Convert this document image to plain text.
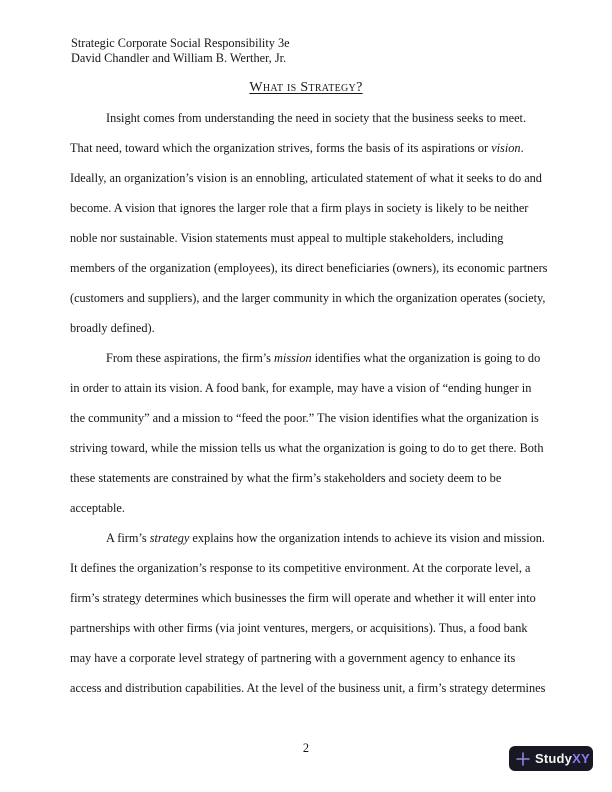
Strategic Corporate Social Responsibility 3e
David Chandler and William B. Werther, Jr.
What is Strategy?
Insight comes from understanding the need in society that the business seeks to meet.
That need, toward which the organization strives, forms the basis of its aspirations or vision.
Ideally, an organization’s vision is an ennobling, articulated statement of what it seeks to do and
become. A vision that ignores the larger role that a firm plays in society is likely to be neither
noble nor sustainable. Vision statements must appeal to multiple stakeholders, including
members of the organization (employees), its direct beneficiaries (owners), its economic partners
(customers and suppliers), and the larger community in which the organization operates (society,
broadly defined).
From these aspirations, the firm’s mission identifies what the organization is going to do
in order to attain its vision. A food bank, for example, may have a vision of “ending hunger in
the community” and a mission to “feed the poor.” The vision identifies what the organization is
striving toward, while the mission tells us what the organization is going to do to get there. Both
these statements are constrained by what the firm’s stakeholders and society deem to be
acceptable.
A firm’s strategy explains how the organization intends to achieve its vision and mission.
It defines the organization’s response to its competitive environment. At the corporate level, a
firm’s strategy determines which businesses the firm will operate and whether it will enter into
partnerships with other firms (via joint ventures, mergers, or acquisitions). Thus, a food bank
may have a corporate level strategy of partnering with a government agency to enhance its
access and distribution capabilities. At the level of the business unit, a firm’s strategy determines
2
StudyXY
